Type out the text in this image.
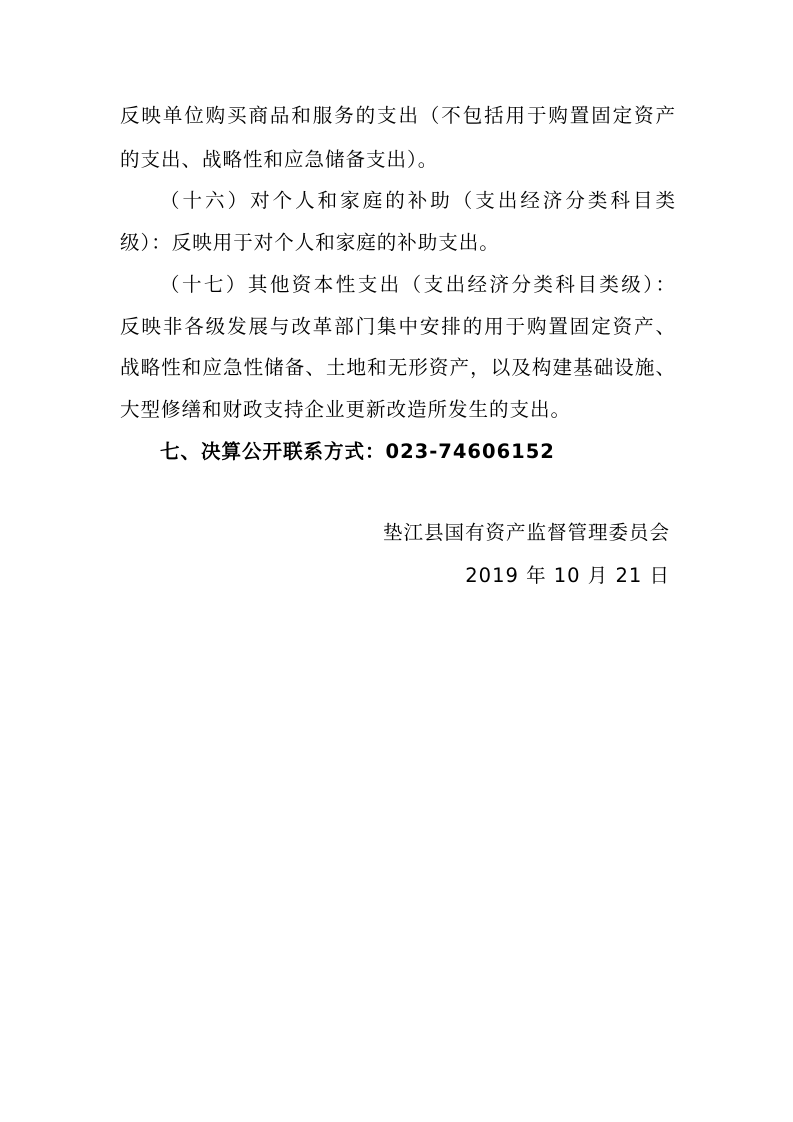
反映单位购买商品和服务的支出（不包括用于购置固定资产
的支出、战略性和应急储备支出）。
（十六）对个人和家庭的补助（支出经济分类科目类
级）：反映用于对个人和家庭的补助支出。
（十七）其他资本性支出（支出经济分类科目类级）：
反映非各级发展与改革部门集中安排的用于购置固定资产、
战略性和应急性储备、土地和无形资产，以及构建基础设施、
大型修缮和财政支持企业更新改造所发生的支出。
七、决算公开联系方式：023-74606152
垫江县国有资产监督管理委员会
2019 年 10 月 21 日
